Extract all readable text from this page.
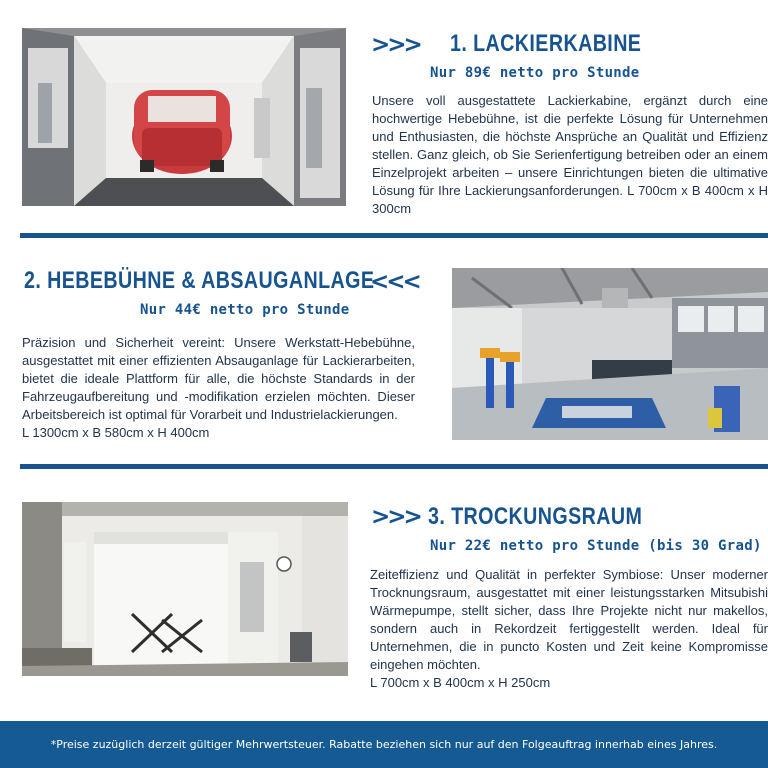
>>> 1. LACKIERKABINE
Nur 89€ netto pro Stunde

Unsere voll ausgestattete Lackierkabine, ergänzt durch eine hochwertige Hebebühne, ist die perfekte Lösung für Unternehmen und Enthusiasten, die höchste Ansprüche an Qualität und Effizienz stellen. Ganz gleich, ob Sie Serienfertigung betreiben oder an einem Einzelprojekt arbeiten – unsere Einrichtungen bieten die ultimative Lösung für Ihre Lackierungsanforderungen. L 700cm x B 400cm x H 300cm

2. HEBEBÜHNE & ABSAUGANLAGE
<<<
Nur 44€ netto pro Stunde
Präzision und Sicherheit vereint: Unsere Werkstatt-Hebebühne, ausgestattet mit einer effizienten Absauganlage für Lackierarbeiten, bietet die ideale Plattform für alle, die höchste Standards in der Fahrzeugaufbereitung und -modifikation erzielen möchten. Dieser Arbeitsbereich ist optimal für Vorarbeit und Industrielackierungen.
L 1300cm x B 580cm x H 400cm
>>> 3. TROCKUNGSRAUM
Nur 22€ netto pro Stunde (bis 30 Grad)
Zeiteffizienz und Qualität in perfekter Symbiose: Unser moderner Trocknungsraum, ausgestattet mit einer leistungsstarken Mitsubishi Wärmepumpe, stellt sicher, dass Ihre Projekte nicht nur makellos, sondern auch in Rekordzeit fertiggestellt werden. Ideal für Unternehmen, die in puncto Kosten und Zeit keine Kompromisse eingehen möchten.
L 700cm x B 400cm x H 250cm
*Preise zuzüglich derzeit gültiger Mehrwertsteuer. Rabatte beziehen sich nur auf den Folgeauftrag innerhab eines Jahres.
